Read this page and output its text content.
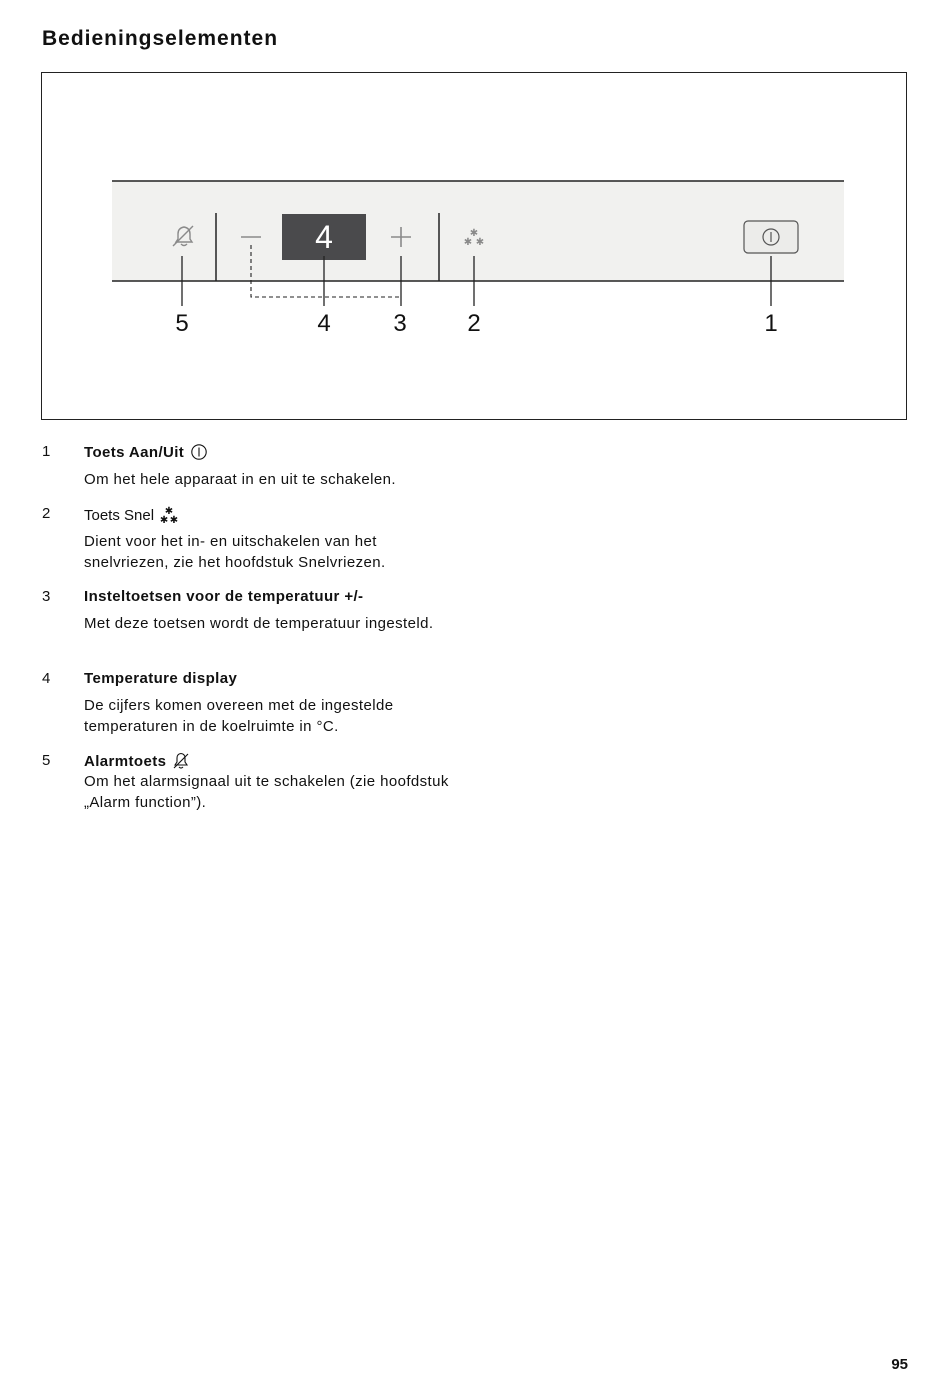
Bedieningselementen
4	✱
✱ ✱
5	4	3	2	1
1 Toets Aan/Uit

Om het hele apparaat in en uit te schakelen.

2 Toets Snel ✱
✱ ✱

Dient voor het in- en uitschakelen van het snelvriezen, zie het hoofdstuk Snelvriezen.

3 Insteltoetsen voor de temperatuur +/-

Met deze toetsen wordt de temperatuur ingesteld.

4 Temperature display

De cijfers komen overeen met de ingestelde temperaturen in de koelruimte in °C.

5 Alarmtoets

Om het alarmsignaal uit te schakelen (zie hoofdstuk „Alarm function”).

95
